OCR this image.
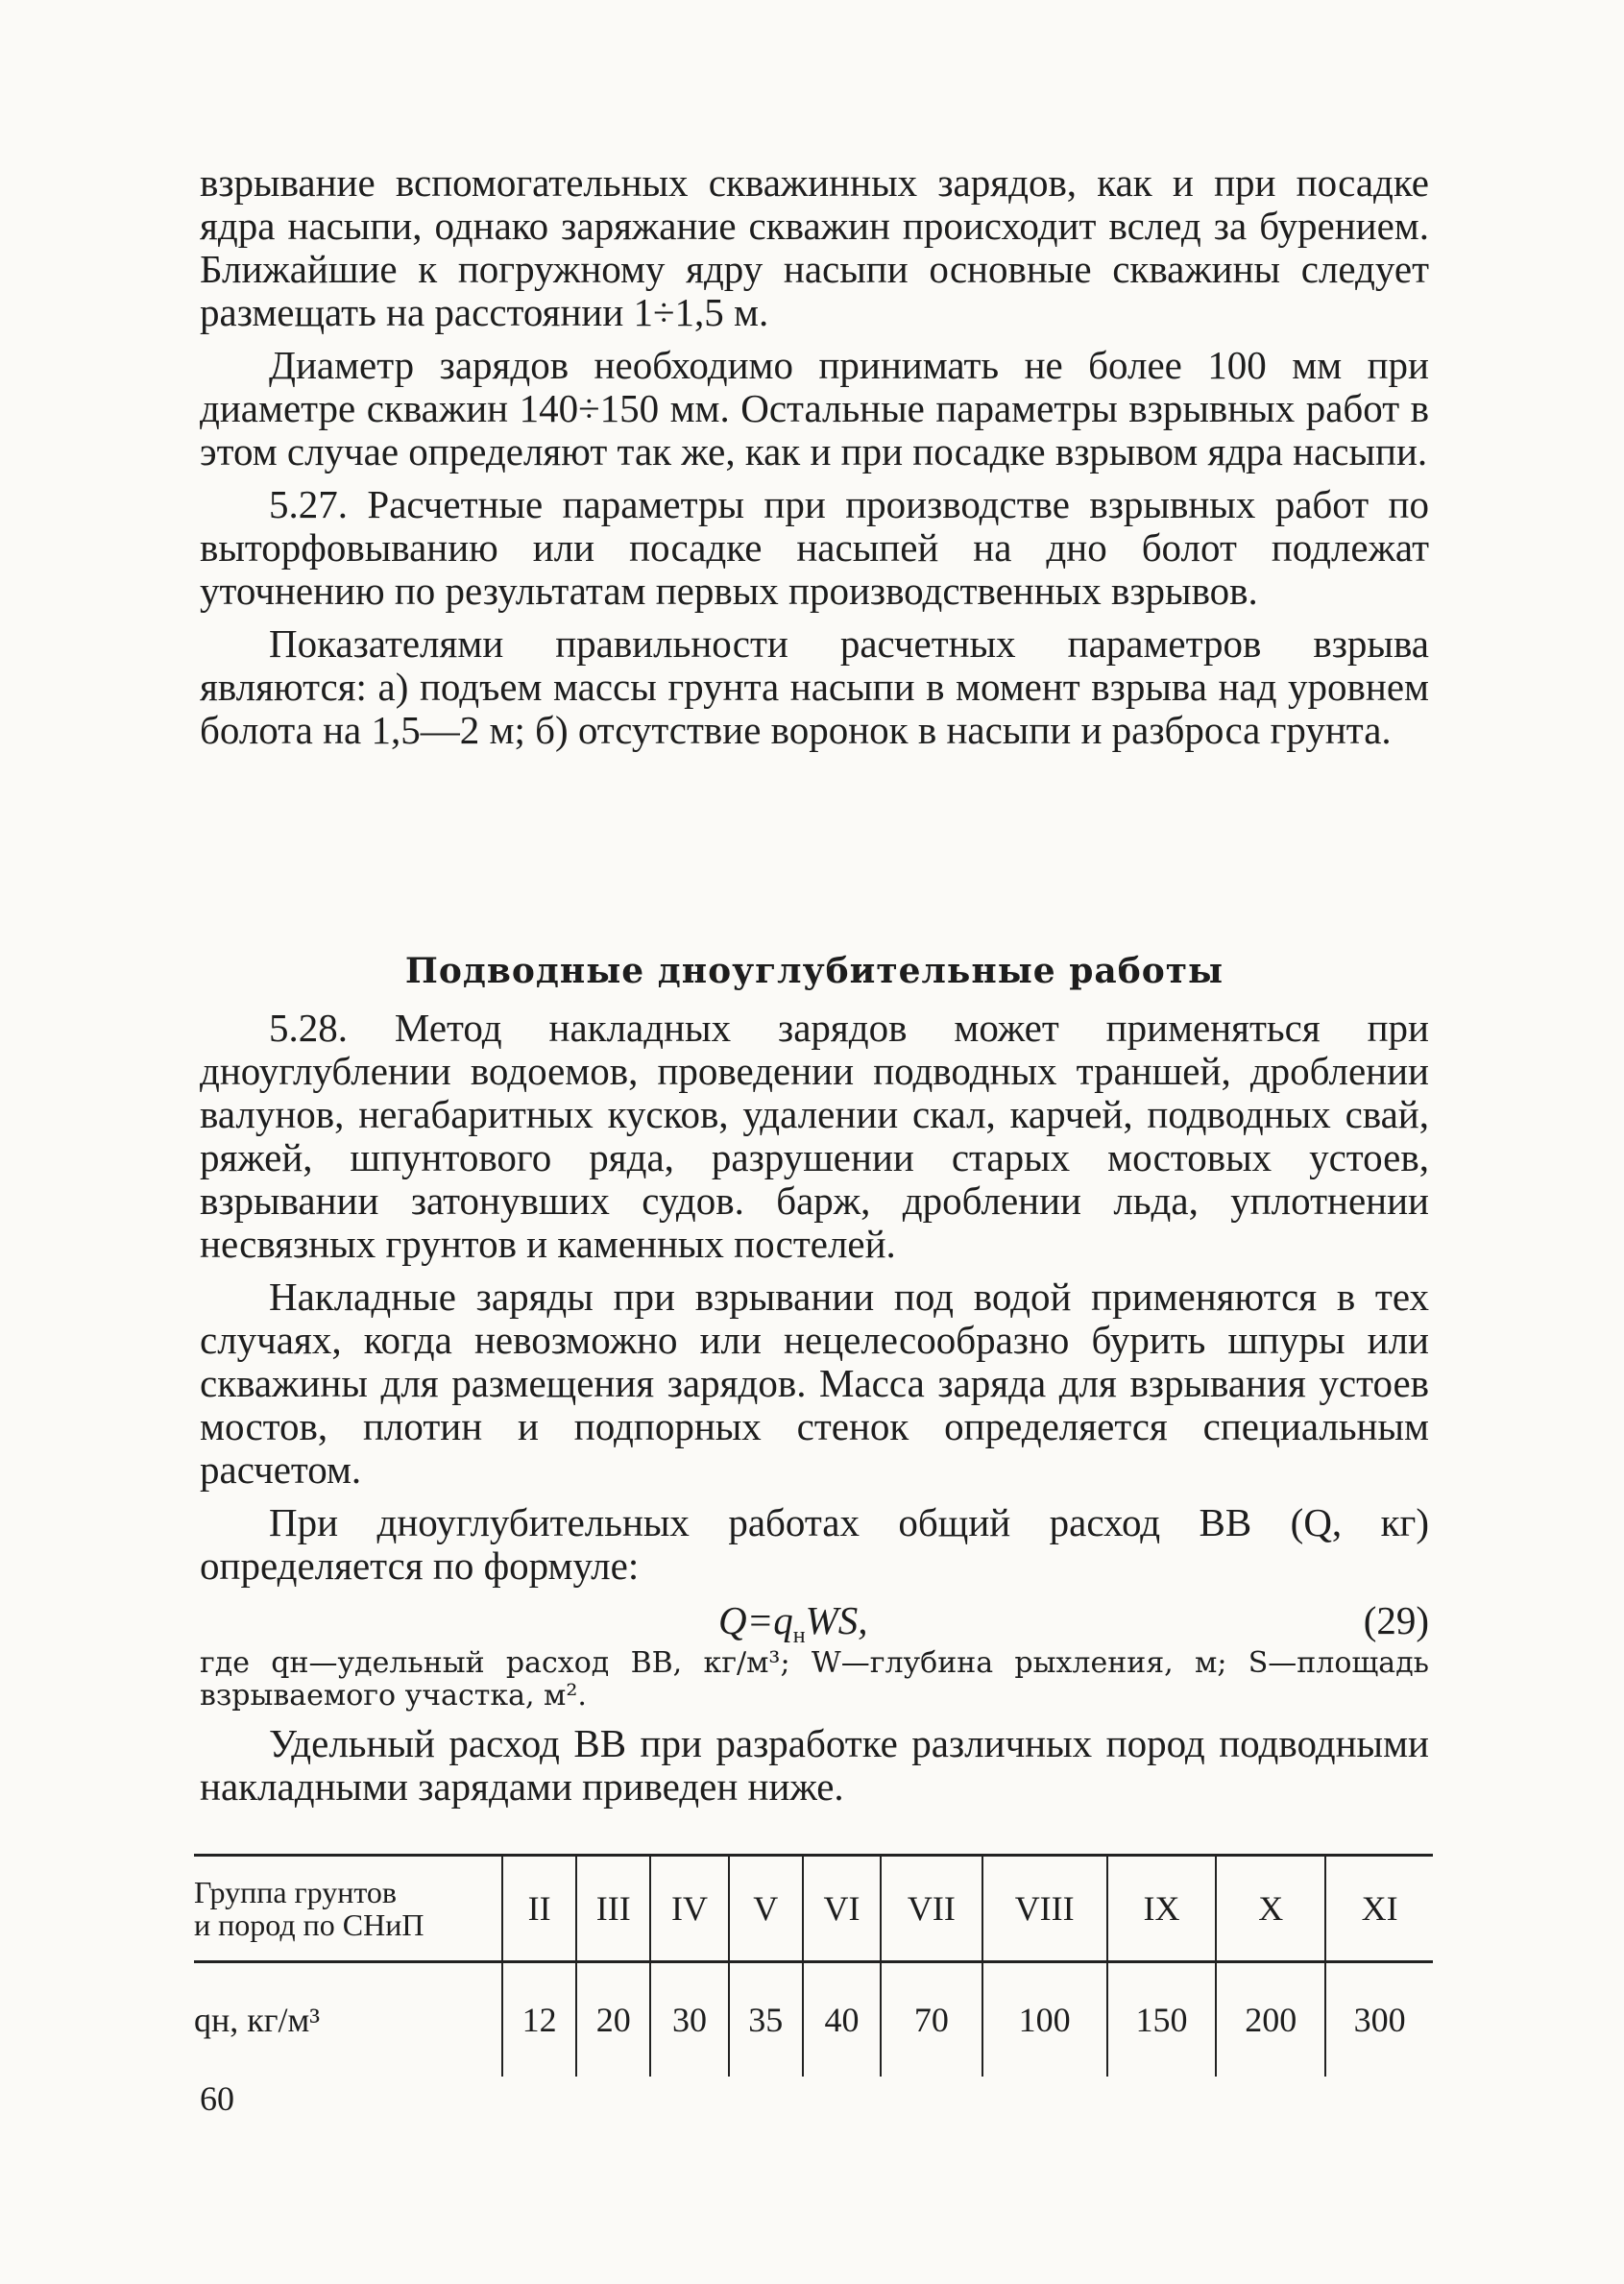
взрывание вспомогательных скважинных зарядов, как и при посадке ядра насыпи, однако заряжание скважин происходит вслед за бурением. Ближайшие к погружному ядру насыпи основные скважины следует размещать на расстоянии 1÷1,5 м.

Диаметр зарядов необходимо принимать не более 100 мм при диаметре скважин 140÷150 мм. Остальные параметры взрывных работ в этом случае определяют так же, как и при посадке взрывом ядра насыпи.

5.27. Расчетные параметры при производстве взрывных работ по выторфовыванию или посадке насыпей на дно болот подлежат уточнению по результатам первых производственных взрывов.

Показателями правильности расчетных параметров взрыва являются: а) подъем массы грунта насыпи в момент взрыва над уровнем болота на 1,5—2 м; б) отсутствие воронок в насыпи и разброса грунта.

Подводные дноуглубительные работы

5.28. Метод накладных зарядов может применяться при дноуглублении водоемов, проведении подводных траншей, дроблении валунов, негабаритных кусков, удалении скал, карчей, подводных свай, ряжей, шпунтового ряда, разрушении старых мостовых устоев, взрывании затонувших судов. барж, дроблении льда, уплотнении несвязных грунтов и каменных постелей.

Накладные заряды при взрывании под водой применяются в тех случаях, когда невозможно или нецелесообразно бурить шпуры или скважины для размещения зарядов. Масса заряда для взрывания устоев мостов, плотин и подпорных стенок определяется специальным расчетом.

При дноуглубительных работах общий расход ВВ (Q, кг) определяется по формуле:

$Q=q_нWS$,	(29)

где qн—удельный расход ВВ, кг/м³; W—глубина рыхления, м; S—площадь взрываемого участка, м².

Удельный расход ВВ при разработке различных пород подводными накладными зарядами приведен ниже.

Группа грунтов
и пород по СНиП	II	III	IV	V	VI	VII	VIII	IX	X	XI
qн, кг/м³	12	20	30	35	40	70	100	150	200	300
60
